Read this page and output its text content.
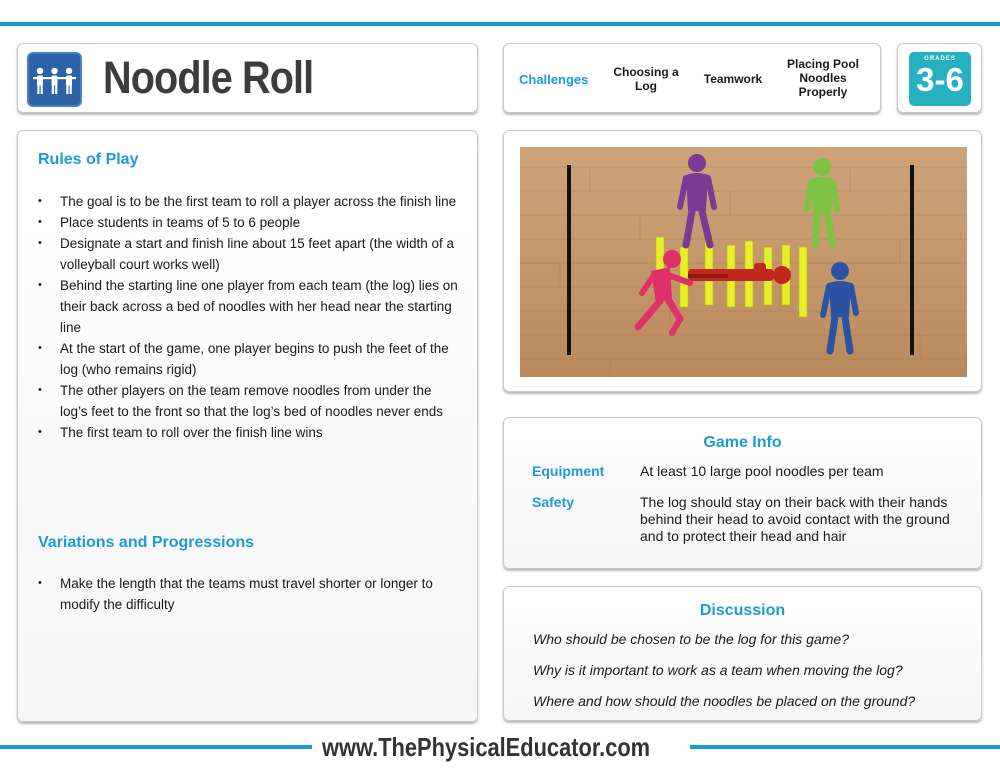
Noodle Roll	Challenges	Choosing a Log	Teamwork
Placing Pool Noodles Properly
GRADES
3-6
Rules of Play
• The goal is to be the first team to roll a player across the finish line
• Place students in teams of 5 to 6 people
• Designate a start and finish line about 15 feet apart (the width of a volleyball court works well)
• Behind the starting line one player from each team (the log) lies on their back across a bed of noodles with her head near the starting line
• At the start of the game, one player begins to push the feet of the log (who remains rigid)
• The other players on the team remove noodles from under the log’s feet to the front so that the log’s bed of noodles never ends
• The first team to roll over the finish line wins
Variations and Progressions
• Make the length that the teams must travel shorter or longer to modify the difficulty
Game Info
Equipment	At least 10 large pool noodles per team
Safety	The log should stay on their back with their hands behind their head to avoid contact with the ground and to protect their head and hair
Discussion
Who should be chosen to be the log for this game?
Why is it important to work as a team when moving the log?
Where and how should the noodles be placed on the ground?
www.ThePhysicalEducator.com
